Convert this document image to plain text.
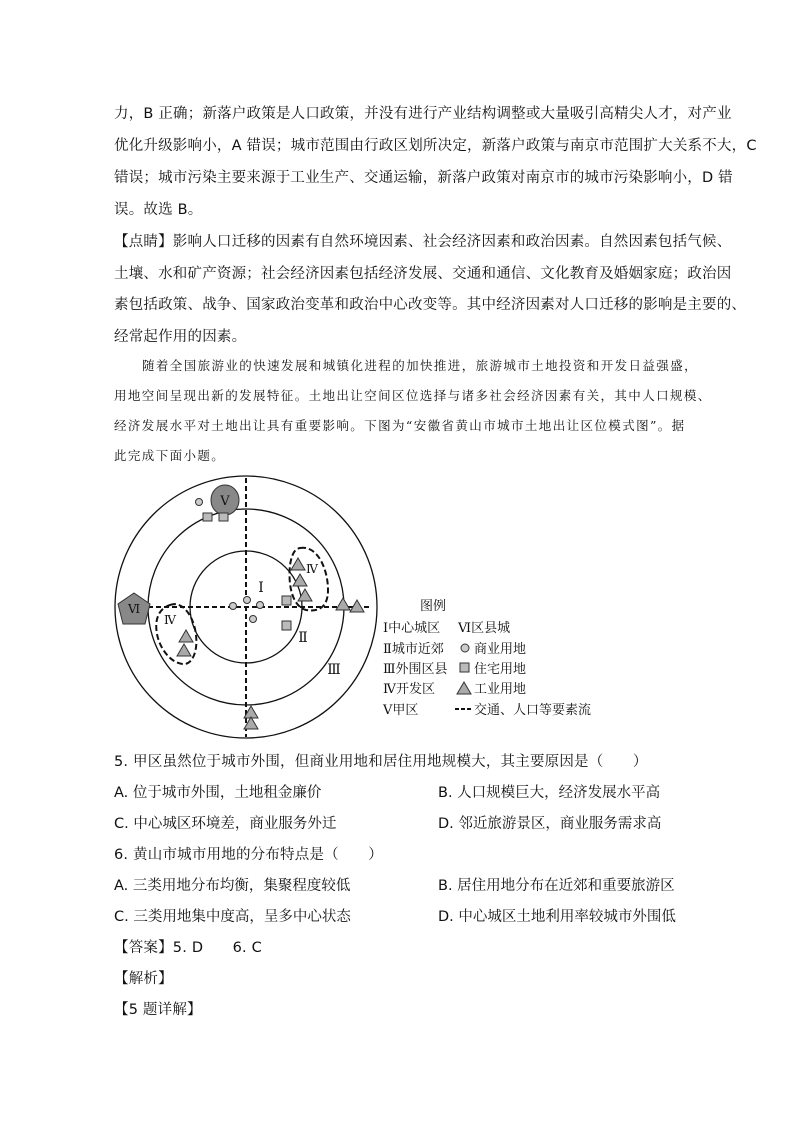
力，B 正确；新落户政策是人口政策，并没有进行产业结构调整或大量吸引高精尖人才，对产业
优化升级影响小，A 错误；城市范围由行政区划所决定，新落户政策与南京市范围扩大关系不大，C
错误；城市污染主要来源于工业生产、交通运输，新落户政策对南京市的城市污染影响小，D 错
误。故选 B。
【点睛】影响人口迁移的因素有自然环境因素、社会经济因素和政治因素。自然因素包括气候、
土壤、水和矿产资源；社会经济因素包括经济发展、交通和通信、文化教育及婚姻家庭；政治因
素包括政策、战争、国家政治变革和政治中心改变等。其中经济因素对人口迁移的影响是主要的、
经常起作用的因素。
随着全国旅游业的快速发展和城镇化进程的加快推进，旅游城市土地投资和开发日益强盛，
用地空间呈现出新的发展特征。土地出让空间区位选择与诸多社会经济因素有关，其中人口规模、
经济发展水平对土地出让具有重要影响。下图为“安徽省黄山市城市土地出让区位模式图”。据
此完成下面小题。
Ⅴ
Ⅵ
Ⅳ
Ⅳ
Ⅰ
Ⅱ
Ⅲ
图例
Ⅰ中心城区 Ⅵ区县城
Ⅱ城市近郊 商业用地
Ⅲ外围区县 住宅用地
Ⅳ开发区	工业用地
Ⅴ甲区	交通、人口等要素流
5. 甲区虽然位于城市外围，但商业用地和居住用地规模大，其主要原因是（　　）
A. 位于城市外围，土地租金廉价	B. 人口规模巨大，经济发展水平高
C. 中心城区环境差，商业服务外迁	D. 邻近旅游景区，商业服务需求高
6. 黄山市城市用地的分布特点是（　　）
A. 三类用地分布均衡，集聚程度较低	B. 居住用地分布在近郊和重要旅游区
C. 三类用地集中度高，呈多中心状态	D. 中心城区土地利用率较城市外围低
【答案】5. D　　6. C
【解析】
【5 题详解】
